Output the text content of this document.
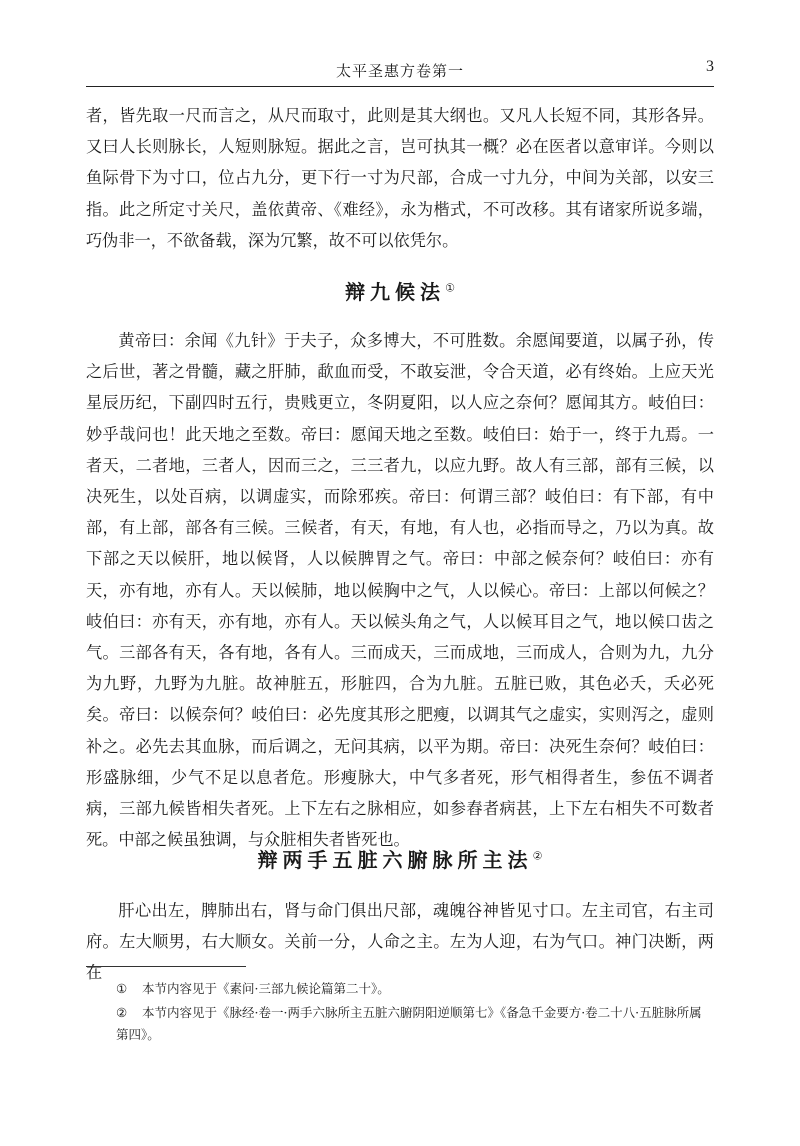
太平圣惠方卷第一	3

者，皆先取一尺而言之，从尺而取寸，此则是其大纲也。又凡人长短不同，其形各异。又曰人长则脉长，人短则脉短。据此之言，岂可执其一概？必在医者以意审详。今则以鱼际骨下为寸口，位占九分，更下行一寸为尺部，合成一寸九分，中间为关部，以安三指。此之所定寸关尺，盖依黄帝、《难经》，永为楷式，不可改移。其有诸家所说多端，巧伪非一，不欲备载，深为冗繁，故不可以依凭尔。

辩九候法①

黄帝曰：余闻《九针》于夫子，众多博大，不可胜数。余愿闻要道，以属子孙，传之后世，著之骨髓，藏之肝肺，歃血而受，不敢妄泄，令合天道，必有终始。上应天光星辰历纪，下副四时五行，贵贱更立，冬阴夏阳，以人应之奈何？愿闻其方。岐伯曰：妙乎哉问也！此天地之至数。帝曰：愿闻天地之至数。岐伯曰：始于一，终于九焉。一者天，二者地，三者人，因而三之，三三者九，以应九野。故人有三部，部有三候，以决死生，以处百病，以调虚实，而除邪疾。帝曰：何谓三部？岐伯曰：有下部，有中部，有上部，部各有三候。三候者，有天，有地，有人也，必指而导之，乃以为真。故下部之天以候肝，地以候肾，人以候脾胃之气。帝曰：中部之候奈何？岐伯曰：亦有天，亦有地，亦有人。天以候肺，地以候胸中之气，人以候心。帝曰：上部以何候之？岐伯曰：亦有天，亦有地，亦有人。天以候头角之气，人以候耳目之气，地以候口齿之气。三部各有天，各有地，各有人。三而成天，三而成地，三而成人，合则为九，九分为九野，九野为九脏。故神脏五，形脏四，合为九脏。五脏已败，其色必夭，夭必死矣。帝曰：以候奈何？岐伯曰：必先度其形之肥瘦，以调其气之虚实，实则泻之，虚则补之。必先去其血脉，而后调之，无问其病，以平为期。帝曰：决死生奈何？岐伯曰：形盛脉细，少气不足以息者危。形瘦脉大，中气多者死，形气相得者生，参伍不调者病，三部九候皆相失者死。上下左右之脉相应，如参舂者病甚，上下左右相失不可数者死。中部之候虽独调，与众脏相失者皆死也。

辩两手五脏六腑脉所主法②

肝心出左，脾肺出右，肾与命门俱出尺部，魂魄谷神皆见寸口。左主司官，右主司府。左大顺男，右大顺女。关前一分，人命之主。左为人迎，右为气口。神门决断，两在

① 本节内容见于《素问·三部九候论篇第二十》。

② 本节内容见于《脉经·卷一·两手六脉所主五脏六腑阴阳逆顺第七》《备急千金要方·卷二十八·五脏脉所属第四》。
